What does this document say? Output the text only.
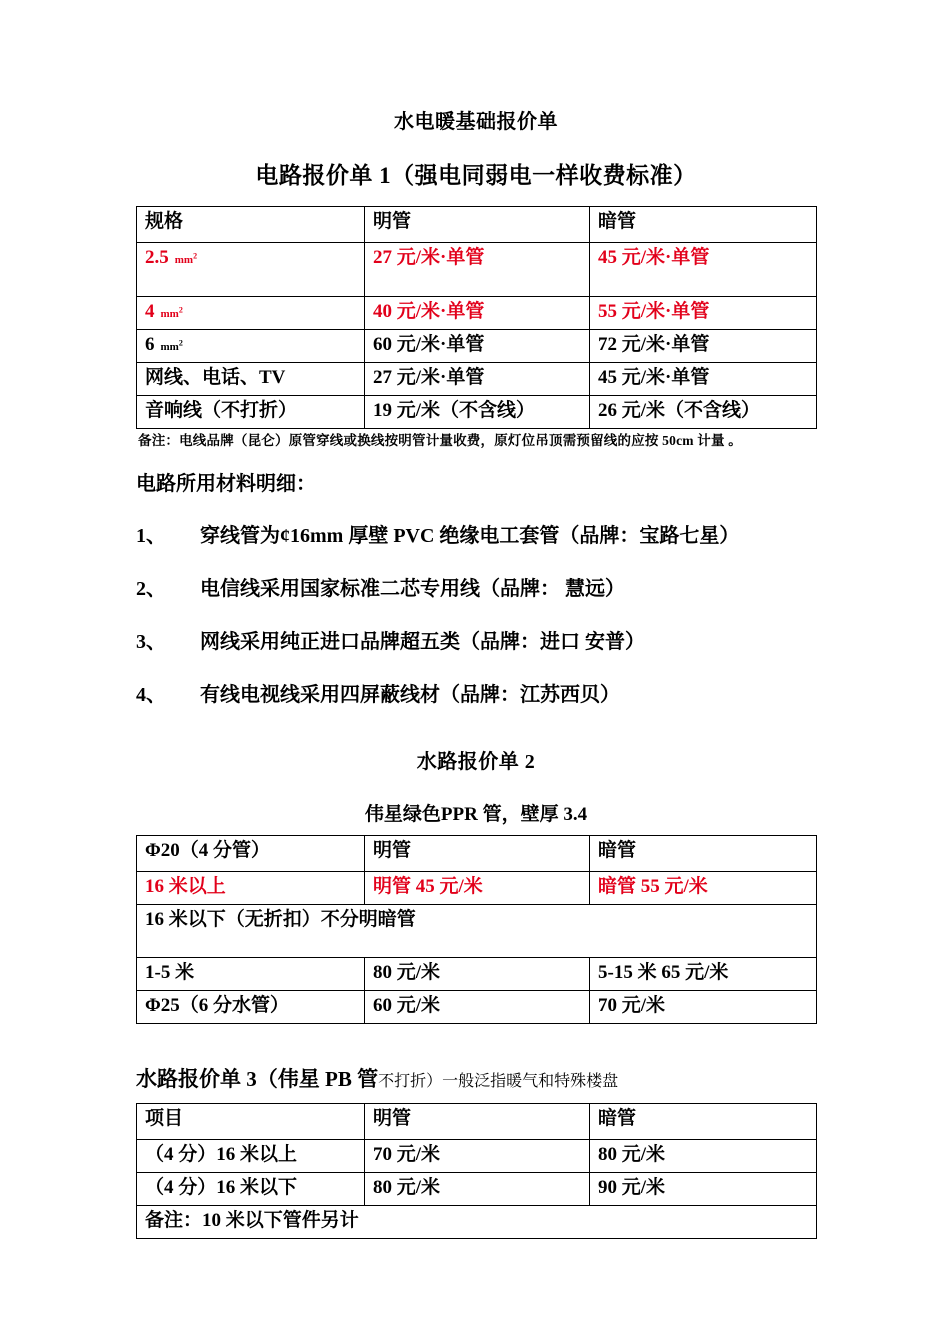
水电暖基础报价单
电路报价单 1（强电同弱电一样收费标准）
规格	明管	暗管
2.5 $mm^2$	27 元/米·单管	45 元/米·单管
4 $mm^2$	40 元/米·单管	55 元/米·单管
6 $mm^2$	60 元/米·单管	72 元/米·单管
网线、电话、TV	27 元/米·单管	45 元/米·单管
音响线（不打折）	19 元/米（不含线）	26 元/米（不含线）
备注：电线品牌（昆仑）原管穿线或换线按明管计量收费，原灯位吊顶需预留线的应按 50cm 计量 。
电路所用材料明细：
1、	穿线管为¢16mm 厚壁 PVC 绝缘电工套管（品牌：宝路七星）
2、	电信线采用国家标准二芯专用线（品牌： 慧远）
3、	网线采用纯正进口品牌超五类（品牌：进口 安普）
4、	有线电视线采用四屏蔽线材（品牌：江苏西贝）
水路报价单 2
伟星绿色PPR 管，壁厚 3.4
Φ20（4 分管）	明管	暗管
16 米以上	明管 45 元/米	暗管 55 元/米
16 米以下（无折扣）不分明暗管		
1-5 米	80 元/米	5-15 米 65 元/米
Φ25（6 分水管）	60 元/米	70 元/米
水路报价单 3（伟星 PB 管不打折）一般泛指暖气和特殊楼盘
项目	明管	暗管
（4 分）16 米以上	70 元/米	80 元/米
（4 分）16 米以下	80 元/米	90 元/米
备注：10 米以下管件另计		
